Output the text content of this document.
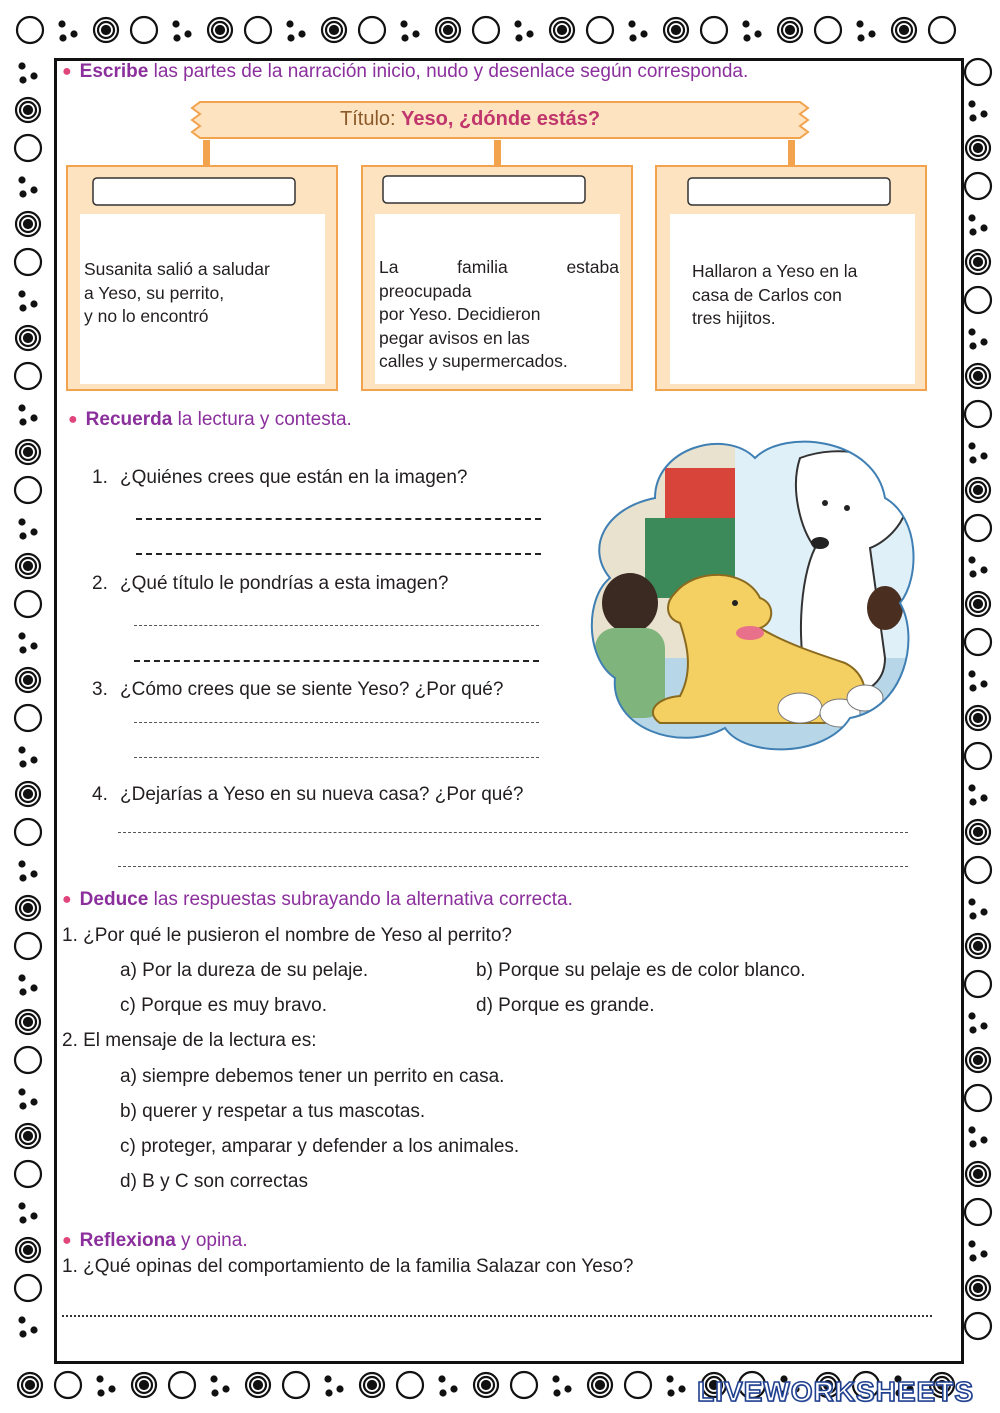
● Escribe las partes de la narración inicio, nudo y desenlace según corresponda.
Título: Yeso, ¿dónde estás?
Susanita salió a saludar
a Yeso, su perrito,
y no lo encontró
La familia estaba
preocupada
por Yeso. Decidieron
pegar avisos en las
calles y supermercados.
Hallaron a Yeso en la
casa de Carlos con
tres hijitos.
● Recuerda la lectura y contesta.
1. ¿Quiénes crees que están en la imagen?
2. ¿Qué título le pondrías a esta imagen?
3. ¿Cómo crees que se siente Yeso? ¿Por qué?
4. ¿Dejarías a Yeso en su nueva casa? ¿Por qué?
● Deduce las respuestas subrayando la alternativa correcta.
1. ¿Por qué le pusieron el nombre de Yeso al perrito?
a) Por la dureza de su pelaje.	b) Porque su pelaje es de color blanco.
c) Porque es muy bravo.	d) Porque es grande.
2. El mensaje de la lectura es:
a) siempre debemos tener un perrito en casa.
b) querer y respetar a tus mascotas.
c) proteger, amparar y defender a los animales.
d) B y C son correctas
● Reflexiona y opina.
1. ¿Qué opinas del comportamiento de la familia Salazar con Yeso?
LIVEWORKSHEETS
